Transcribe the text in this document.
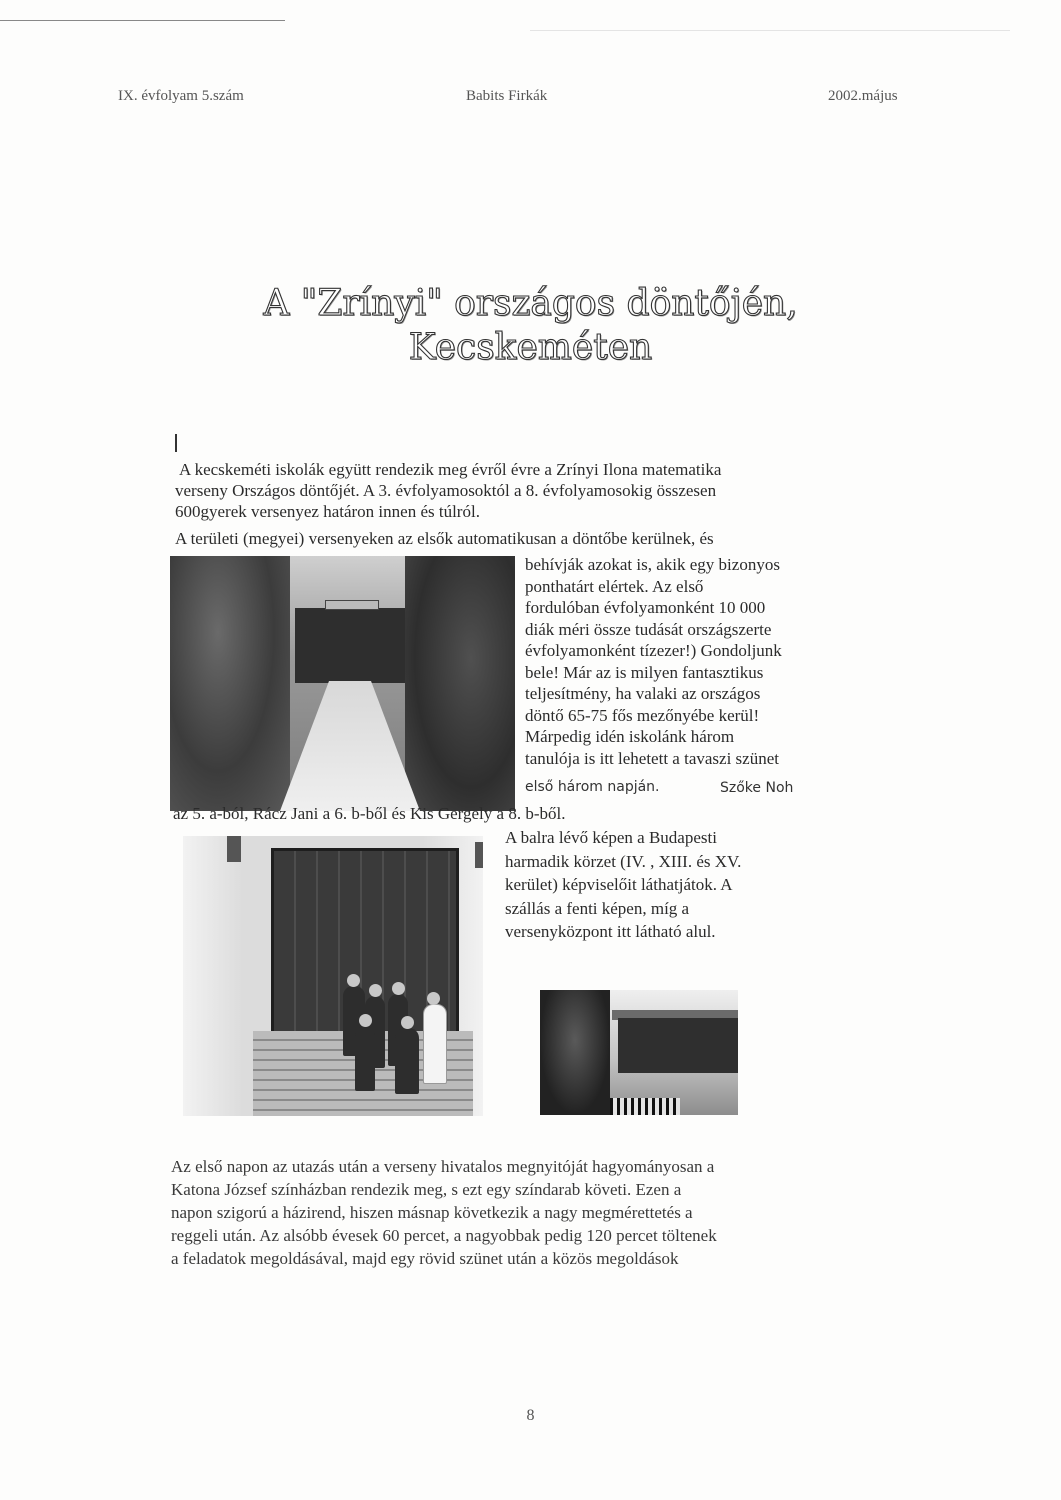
IX. évfolyam 5.szám	Babits Firkák	2002.május
A "Zrínyi" országos döntőjén,
Kecskeméten
A kecskeméti iskolák együtt rendezik meg évről évre a Zrínyi Ilona matematika
verseny Országos döntőjét. A 3. évfolyamosoktól a 8. évfolyamosokig összesen
600gyerek versenyez határon innen és túlról.
A területi (megyei) versenyeken az elsők automatikusan a döntőbe kerülnek, és
behívják azokat is, akik egy bizonyos
ponthatárt elértek. Az első
fordulóban évfolyamonként 10 000
diák méri össze tudását országszerte
évfolyamonként tízezer!) Gondoljunk
bele! Már az is milyen fantasztikus
teljesítmény, ha valaki az országos
döntő 65-75 fős mezőnyébe kerül!
Márpedig idén iskolánk három
tanulója is itt lehetett a tavaszi szünet
első három napján.	Szőke Noh
az 5. a-ból, Rácz Jani a 6. b-ből és Kis Gergely a 8. b-ből.
A balra lévő képen a Budapesti
harmadik körzet (IV. , XIII. és XV.
kerület) képviselőit láthatjátok. A
szállás a fenti képen, míg a
versenyközpont itt látható alul.
Az első napon az utazás után a verseny hivatalos megnyitóját hagyományosan a
Katona József színházban rendezik meg, s ezt egy színdarab követi. Ezen a
napon szigorú a házirend, hiszen másnap következik a nagy megmérettetés a
reggeli után. Az alsóbb évesek 60 percet, a nagyobbak pedig 120 percet töltenek
a feladatok megoldásával, majd egy rövid szünet után a közös megoldások
8
